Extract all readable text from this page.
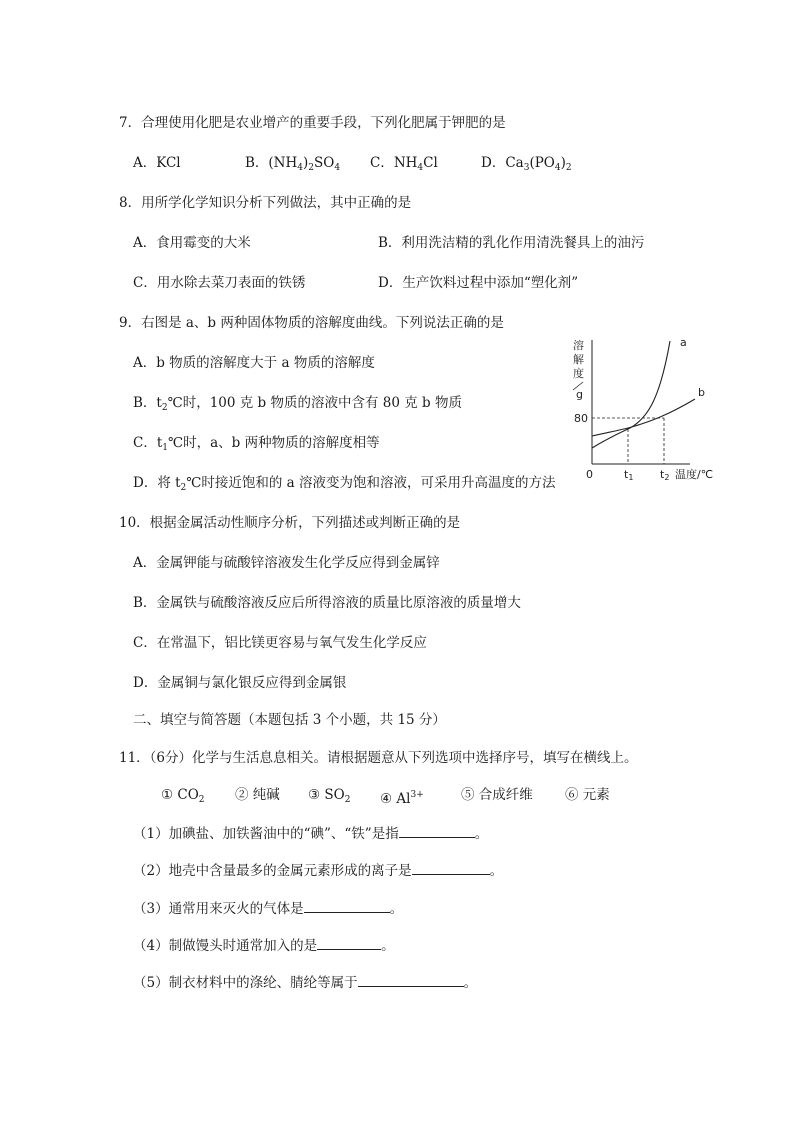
7．合理使用化肥是农业增产的重要手段，下列化肥属于钾肥的是
A．KCl	B．$(NH_4)_2SO_4$ C．$NH_4Cl$	D．$Ca_3(PO_4)_2$
8．用所学化学知识分析下列做法，其中正确的是
A．食用霉变的大米	B．利用洗洁精的乳化作用清洗餐具上的油污
C．用水除去菜刀表面的铁锈	D．生产饮料过程中添加“塑化剂”
9．右图是 a、b 两种固体物质的溶解度曲线。下列说法正确的是
A．b 物质的溶解度大于 a 物质的溶解度
B．$t_2℃$时，100 克 b 物质的溶液中含有 80 克 b 物质
C．$t_1℃$时，a、b 两种物质的溶解度相等
D．将 $t_2℃$时接近饱和的 a 溶液变为饱和溶液，可采用升高温度的方法
溶
解
度
g
80
a
b
0	t1 t2 温度/℃
10．根据金属活动性顺序分析，下列描述或判断正确的是
A．金属钾能与硫酸锌溶液发生化学反应得到金属锌
B．金属铁与硫酸溶液反应后所得溶液的质量比原溶液的质量增大
C．在常温下，铝比镁更容易与氧气发生化学反应
D．金属铜与氯化银反应得到金属银
二、填空与简答题（本题包括 3 个小题，共 15 分）
11．（6分）化学与生活息息相关。请根据题意从下列选项中选择序号，填写在横线上。
① $CO_2$ ② 纯碱 ③ $SO_2$ ④ $Al^{3+}$	⑤ 合成纤维 ⑥ 元素
（1）加碘盐、加铁酱油中的“碘”、“铁”是指	。
（2）地壳中含量最多的金属元素形成的离子是	。
（3）通常用来灭火的气体是	。
（4）制做馒头时通常加入的是	。
（5）制衣材料中的涤纶、腈纶等属于	。
